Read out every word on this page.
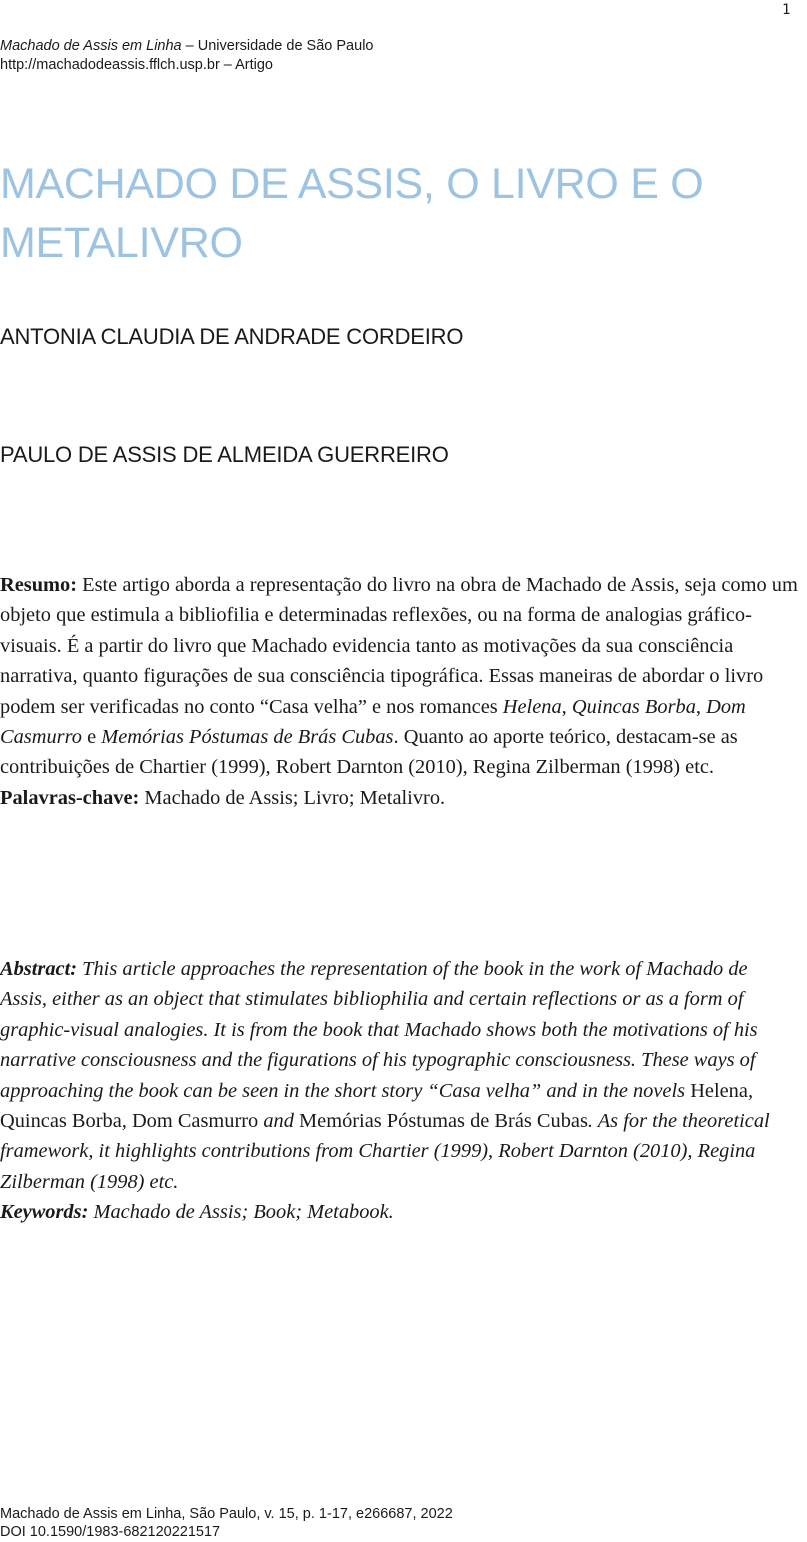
1
Machado de Assis em Linha – Universidade de São Paulo
http://machadodeassis.fflch.usp.br – Artigo
MACHADO DE ASSIS, O LIVRO E O METALIVRO
ANTONIA CLAUDIA DE ANDRADE CORDEIRO
PAULO DE ASSIS DE ALMEIDA GUERREIRO
Resumo: Este artigo aborda a representação do livro na obra de Machado de Assis, seja como um objeto que estimula a bibliofilia e determinadas reflexões, ou na forma de analogias gráfico-visuais. É a partir do livro que Machado evidencia tanto as motivações da sua consciência narrativa, quanto figurações de sua consciência tipográfica. Essas maneiras de abordar o livro podem ser verificadas no conto “Casa velha” e nos romances Helena, Quincas Borba, Dom Casmurro e Memórias Póstumas de Brás Cubas. Quanto ao aporte teórico, destacam-se as contribuições de Chartier (1999), Robert Darnton (2010), Regina Zilberman (1998) etc.
Palavras-chave: Machado de Assis; Livro; Metalivro.
Abstract: This article approaches the representation of the book in the work of Machado de Assis, either as an object that stimulates bibliophilia and certain reflections or as a form of graphic-visual analogies. It is from the book that Machado shows both the motivations of his narrative consciousness and the figurations of his typographic consciousness. These ways of approaching the book can be seen in the short story “Casa velha” and in the novels Helena, Quincas Borba, Dom Casmurro and Memórias Póstumas de Brás Cubas. As for the theoretical framework, it highlights contributions from Chartier (1999), Robert Darnton (2010), Regina Zilberman (1998) etc.
Keywords: Machado de Assis; Book; Metabook.
Machado de Assis em Linha, São Paulo, v. 15, p. 1-17, e266687, 2022
DOI 10.1590/1983-682120221517
